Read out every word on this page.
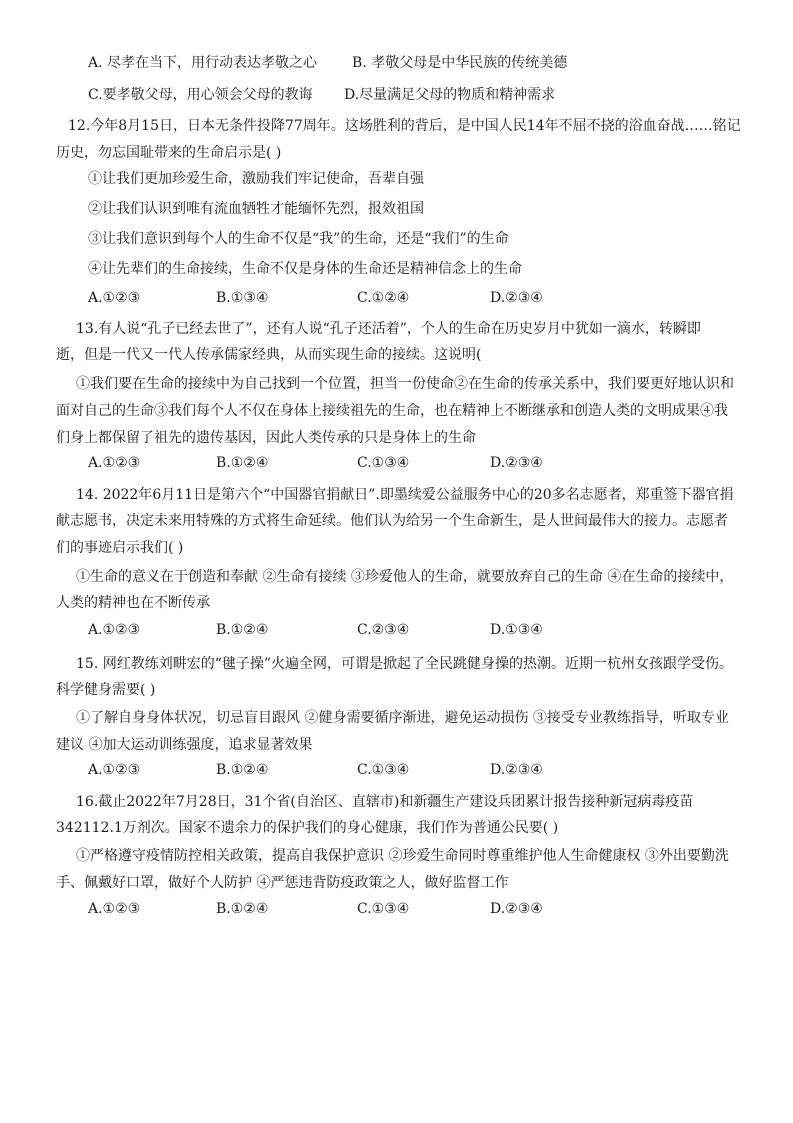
A. 尽孝在当下，用行动表达孝敬之心 B. 孝敬父母是中华民族的传统美德
C.要孝敬父母，用心领会父母的教诲 D.尽量满足父母的物质和精神需求
12.今年8月15日，日本无条件投降77周年。这场胜利的背后，是中国人民14年不屈不挠的浴血奋战……铭记
历史，勿忘国耻带来的生命启示是( )
①让我们更加珍爱生命，激励我们牢记使命，吾辈自强
②让我们认识到唯有流血牺牲才能缅怀先烈，报效祖国
③让我们意识到每个人的生命不仅是“我”的生命，还是“我们”的生命
④让先辈们的生命接续，生命不仅是身体的生命还是精神信念上的生命
A.①②③	B.①③④	C.①②④	D.②③④
13.有人说“孔子已经去世了”，还有人说“孔子还活着”，个人的生命在历史岁月中犹如一滴水，转瞬即
逝，但是一代又一代人传承儒家经典，从而实现生命的接续。这说明(
①我们要在生命的接续中为自己找到一个位置，担当一份使命②在生命的传承关系中，我们要更好地认识和
面对自己的生命③我们每个人不仅在身体上接续祖先的生命，也在精神上不断继承和创造人类的文明成果④我
们身上都保留了祖先的遗传基因，因此人类传承的只是身体上的生命
A.①②③	B.①②④	C.①③④	D.②③④
14. 2022年6月11日是第六个“中国器官捐献日”.即墨续爱公益服务中心的20多名志愿者，郑重签下器官捐
献志愿书，决定未来用特殊的方式将生命延续。他们认为给另一个生命新生，是人世间最伟大的接力。志愿者
们的事迹启示我们( )
①生命的意义在于创造和奉献 ②生命有接续 ③珍爱他人的生命，就要放弃自己的生命 ④在生命的接续中，
人类的精神也在不断传承
A.①②③	B.①②④	C.②③④	D.①③④
15. 网红教练刘畊宏的“毽子操”火遍全网，可谓是掀起了全民跳健身操的热潮。近期一杭州女孩跟学受伤。
科学健身需要( )
①了解自身身体状况，切忌盲目跟风 ②健身需要循序渐进，避免运动损伤 ③接受专业教练指导，听取专业
建议 ④加大运动训练强度，追求显著效果
A.①②③	B.①②④	C.①③④	D.②③④
16.截止2022年7月28日，31个省(自治区、直辖市)和新疆生产建设兵团累计报告接种新冠病毒疫苗
342112.1万剂次。国家不遗余力的保护我们的身心健康，我们作为普通公民要( )
①严格遵守疫情防控相关政策，提高自我保护意识 ②珍爱生命同时尊重维护他人生命健康权 ③外出要勤洗
手、佩戴好口罩，做好个人防护 ④严惩违背防疫政策之人，做好监督工作
A.①②③	B.①②④	C.①③④	D.②③④
